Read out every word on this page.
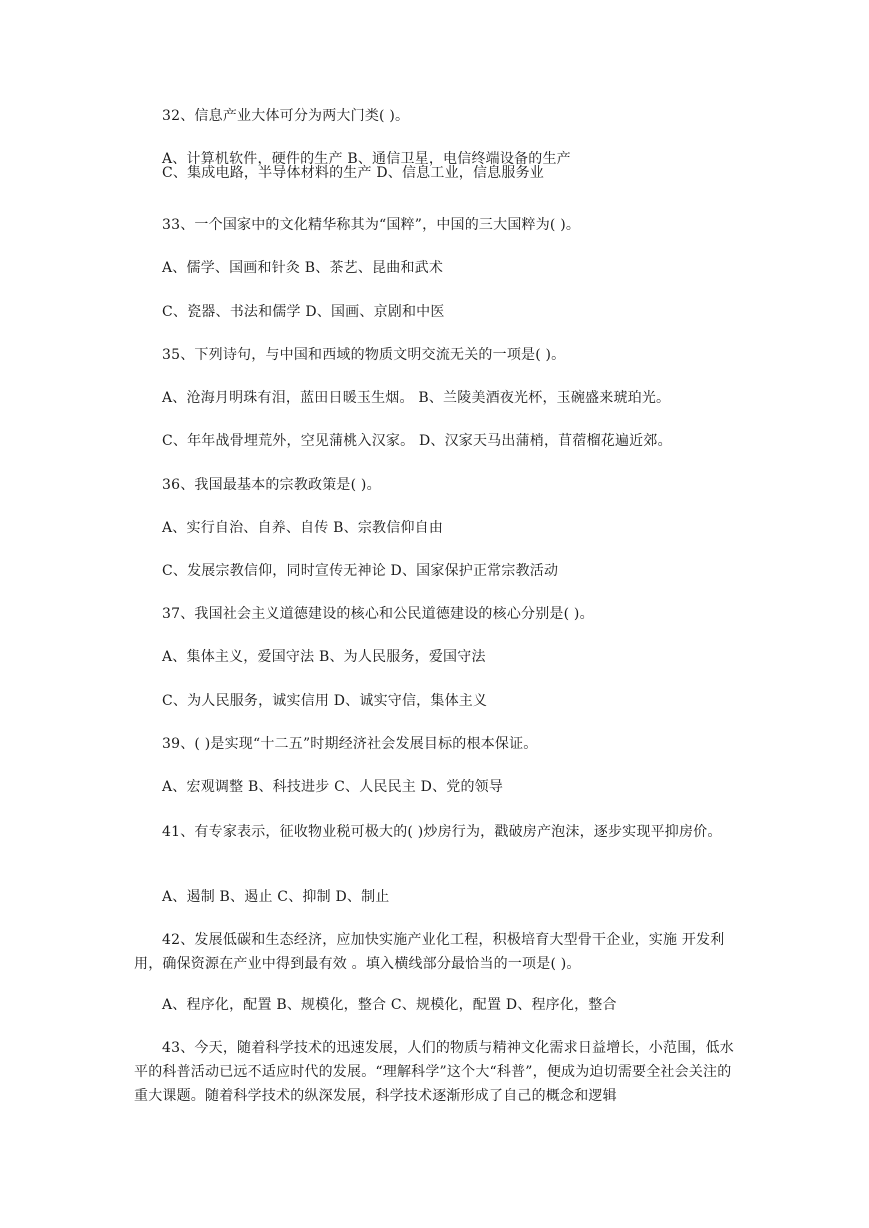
32、信息产业大体可分为两大门类( )。
A、计算机软件，硬件的生产 B、通信卫星，电信终端设备的生产
C、集成电路，半导体材料的生产 D、信息工业，信息服务业
33、一个国家中的文化精华称其为“国粹”，中国的三大国粹为( )。
A、儒学、国画和针灸 B、茶艺、昆曲和武术
C、瓷器、书法和儒学 D、国画、京剧和中医
35、下列诗句，与中国和西域的物质文明交流无关的一项是( )。
A、沧海月明珠有泪，蓝田日暖玉生烟。 B、兰陵美酒夜光杯，玉碗盛来琥珀光。
C、年年战骨埋荒外，空见蒲桃入汉家。 D、汉家天马出蒲梢，苜蓿榴花遍近郊。
36、我国最基本的宗教政策是( )。
A、实行自治、自养、自传 B、宗教信仰自由
C、发展宗教信仰，同时宣传无神论 D、国家保护正常宗教活动
37、我国社会主义道德建设的核心和公民道德建设的核心分别是( )。
A、集体主义，爱国守法 B、为人民服务，爱国守法
C、为人民服务，诚实信用 D、诚实守信，集体主义
39、( )是实现“十二五”时期经济社会发展目标的根本保证。
A、宏观调整 B、科技进步 C、人民民主 D、党的领导
41、有专家表示，征收物业税可极大的( )炒房行为，戳破房产泡沫，逐步实现平抑房价。
A、遏制 B、遏止 C、抑制 D、制止
42、发展低碳和生态经济，应加快实施产业化工程，积极培育大型骨干企业，实施 开发利用，确保资源在产业中得到最有效 。填入横线部分最恰当的一项是( )。
A、程序化，配置 B、规模化，整合 C、规模化，配置 D、程序化，整合
43、今天，随着科学技术的迅速发展，人们的物质与精神文化需求日益增长，小范围，低水平的科普活动已远不适应时代的发展。“理解科学”这个大“科普”，便成为迫切需要全社会关注的重大课题。随着科学技术的纵深发展，科学技术逐渐形成了自己的概念和逻辑
